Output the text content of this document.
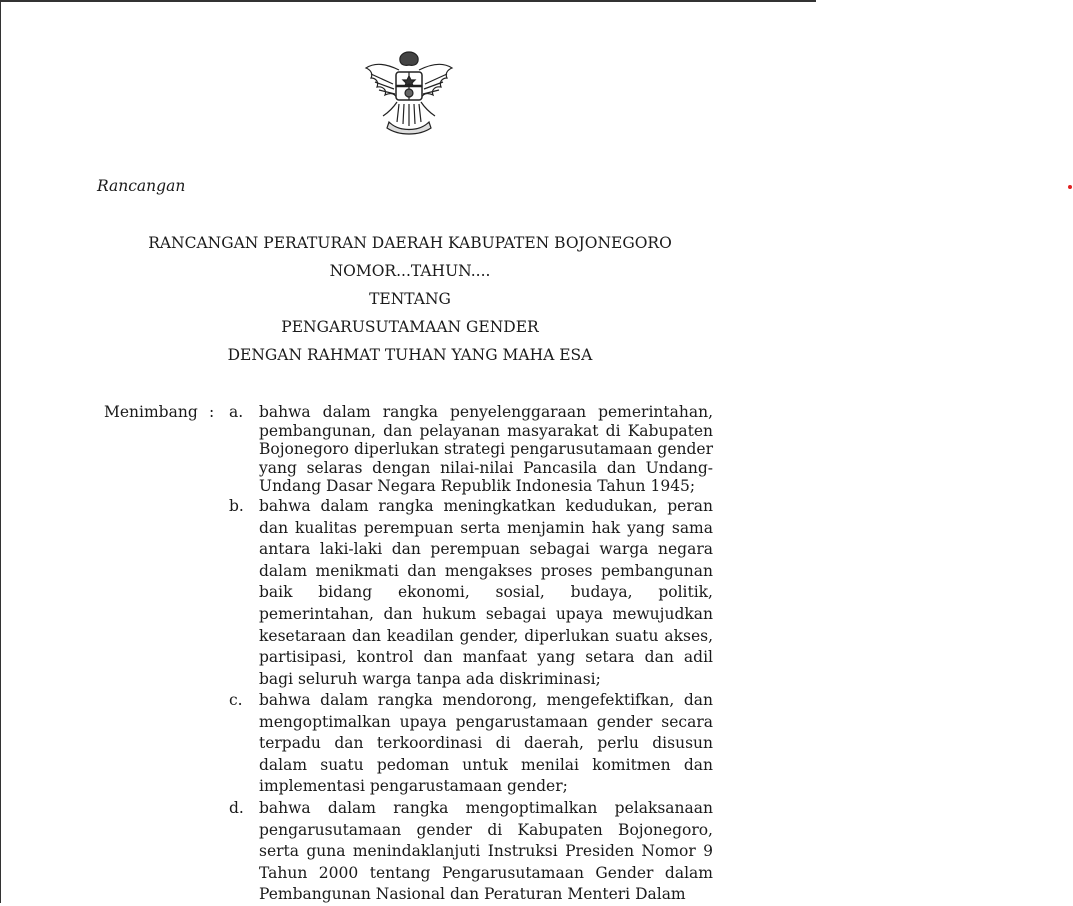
Rancangan
RANCANGAN PERATURAN DAERAH KABUPATEN BOJONEGORO
NOMOR...TAHUN....
TENTANG
PENGARUSUTAMAAN GENDER
DENGAN RAHMAT TUHAN YANG MAHA ESA
Menimbang : a. bahwa dalam rangka penyelenggaraan pemerintahan, pembangunan, dan pelayanan masyarakat di Kabupaten Bojonegoro diperlukan strategi pengarusutamaan gender yang selaras dengan nilai-nilai Pancasila dan Undang-Undang Dasar Negara Republik Indonesia Tahun 1945;
b. bahwa dalam rangka meningkatkan kedudukan, peran dan kualitas perempuan serta menjamin hak yang sama antara laki-laki dan perempuan sebagai warga negara dalam menikmati dan mengakses proses pembangunan baik bidang ekonomi, sosial, budaya, politik, pemerintahan, dan hukum sebagai upaya mewujudkan kesetaraan dan keadilan gender, diperlukan suatu akses, partisipasi, kontrol dan manfaat yang setara dan adil bagi seluruh warga tanpa ada diskriminasi;
c. bahwa dalam rangka mendorong, mengefektifkan, dan mengoptimalkan upaya pengarustamaan gender secara terpadu dan terkoordinasi di daerah, perlu disusun dalam suatu pedoman untuk menilai komitmen dan implementasi pengarustamaan gender;
d. bahwa dalam rangka mengoptimalkan pelaksanaan pengarusutamaan gender di Kabupaten Bojonegoro, serta guna menindaklanjuti Instruksi Presiden Nomor 9 Tahun 2000 tentang Pengarusutamaan Gender dalam Pembangunan Nasional dan Peraturan Menteri Dalam
